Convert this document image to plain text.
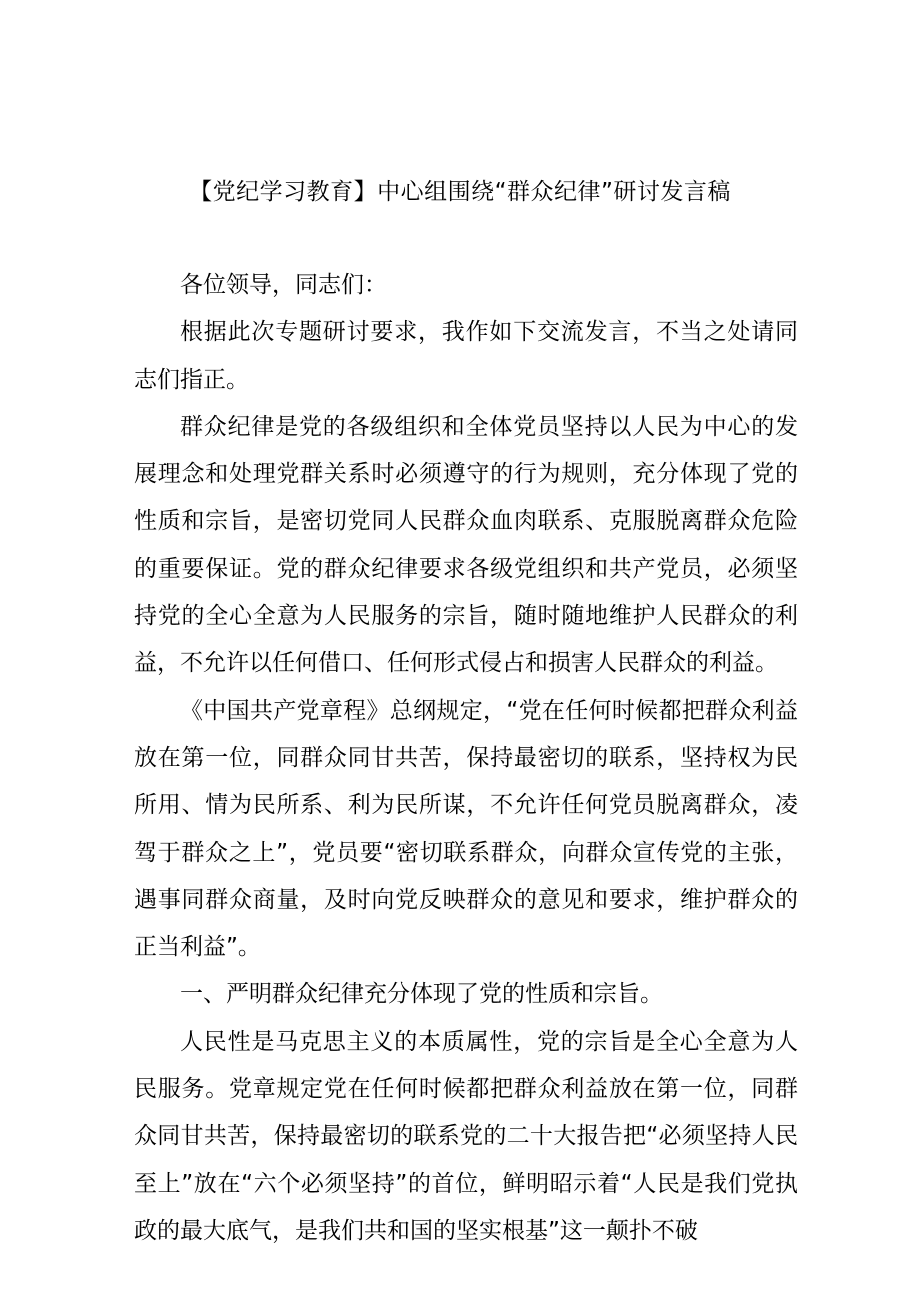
【党纪学习教育】中心组围绕“群众纪律”研讨发言稿

各位领导，同志们：

根据此次专题研讨要求，我作如下交流发言，不当之处请同志们指正。

群众纪律是党的各级组织和全体党员坚持以人民为中心的发展理念和处理党群关系时必须遵守的行为规则，充分体现了党的性质和宗旨，是密切党同人民群众血肉联系、克服脱离群众危险的重要保证。党的群众纪律要求各级党组织和共产党员，必须坚持党的全心全意为人民服务的宗旨，随时随地维护人民群众的利益，不允许以任何借口、任何形式侵占和损害人民群众的利益。

《中国共产党章程》总纲规定，“党在任何时候都把群众利益放在第一位，同群众同甘共苦，保持最密切的联系，坚持权为民所用、情为民所系、利为民所谋，不允许任何党员脱离群众，凌驾于群众之上”，党员要“密切联系群众，向群众宣传党的主张，遇事同群众商量，及时向党反映群众的意见和要求，维护群众的正当利益”。

一、严明群众纪律充分体现了党的性质和宗旨。

人民性是马克思主义的本质属性，党的宗旨是全心全意为人民服务。党章规定党在任何时候都把群众利益放在第一位，同群众同甘共苦，保持最密切的联系党的二十大报告把“必须坚持人民至上”放在“六个必须坚持”的首位，鲜明昭示着“人民是我们党执政的最大底气，是我们共和国的坚实根基”这一颠扑不破
